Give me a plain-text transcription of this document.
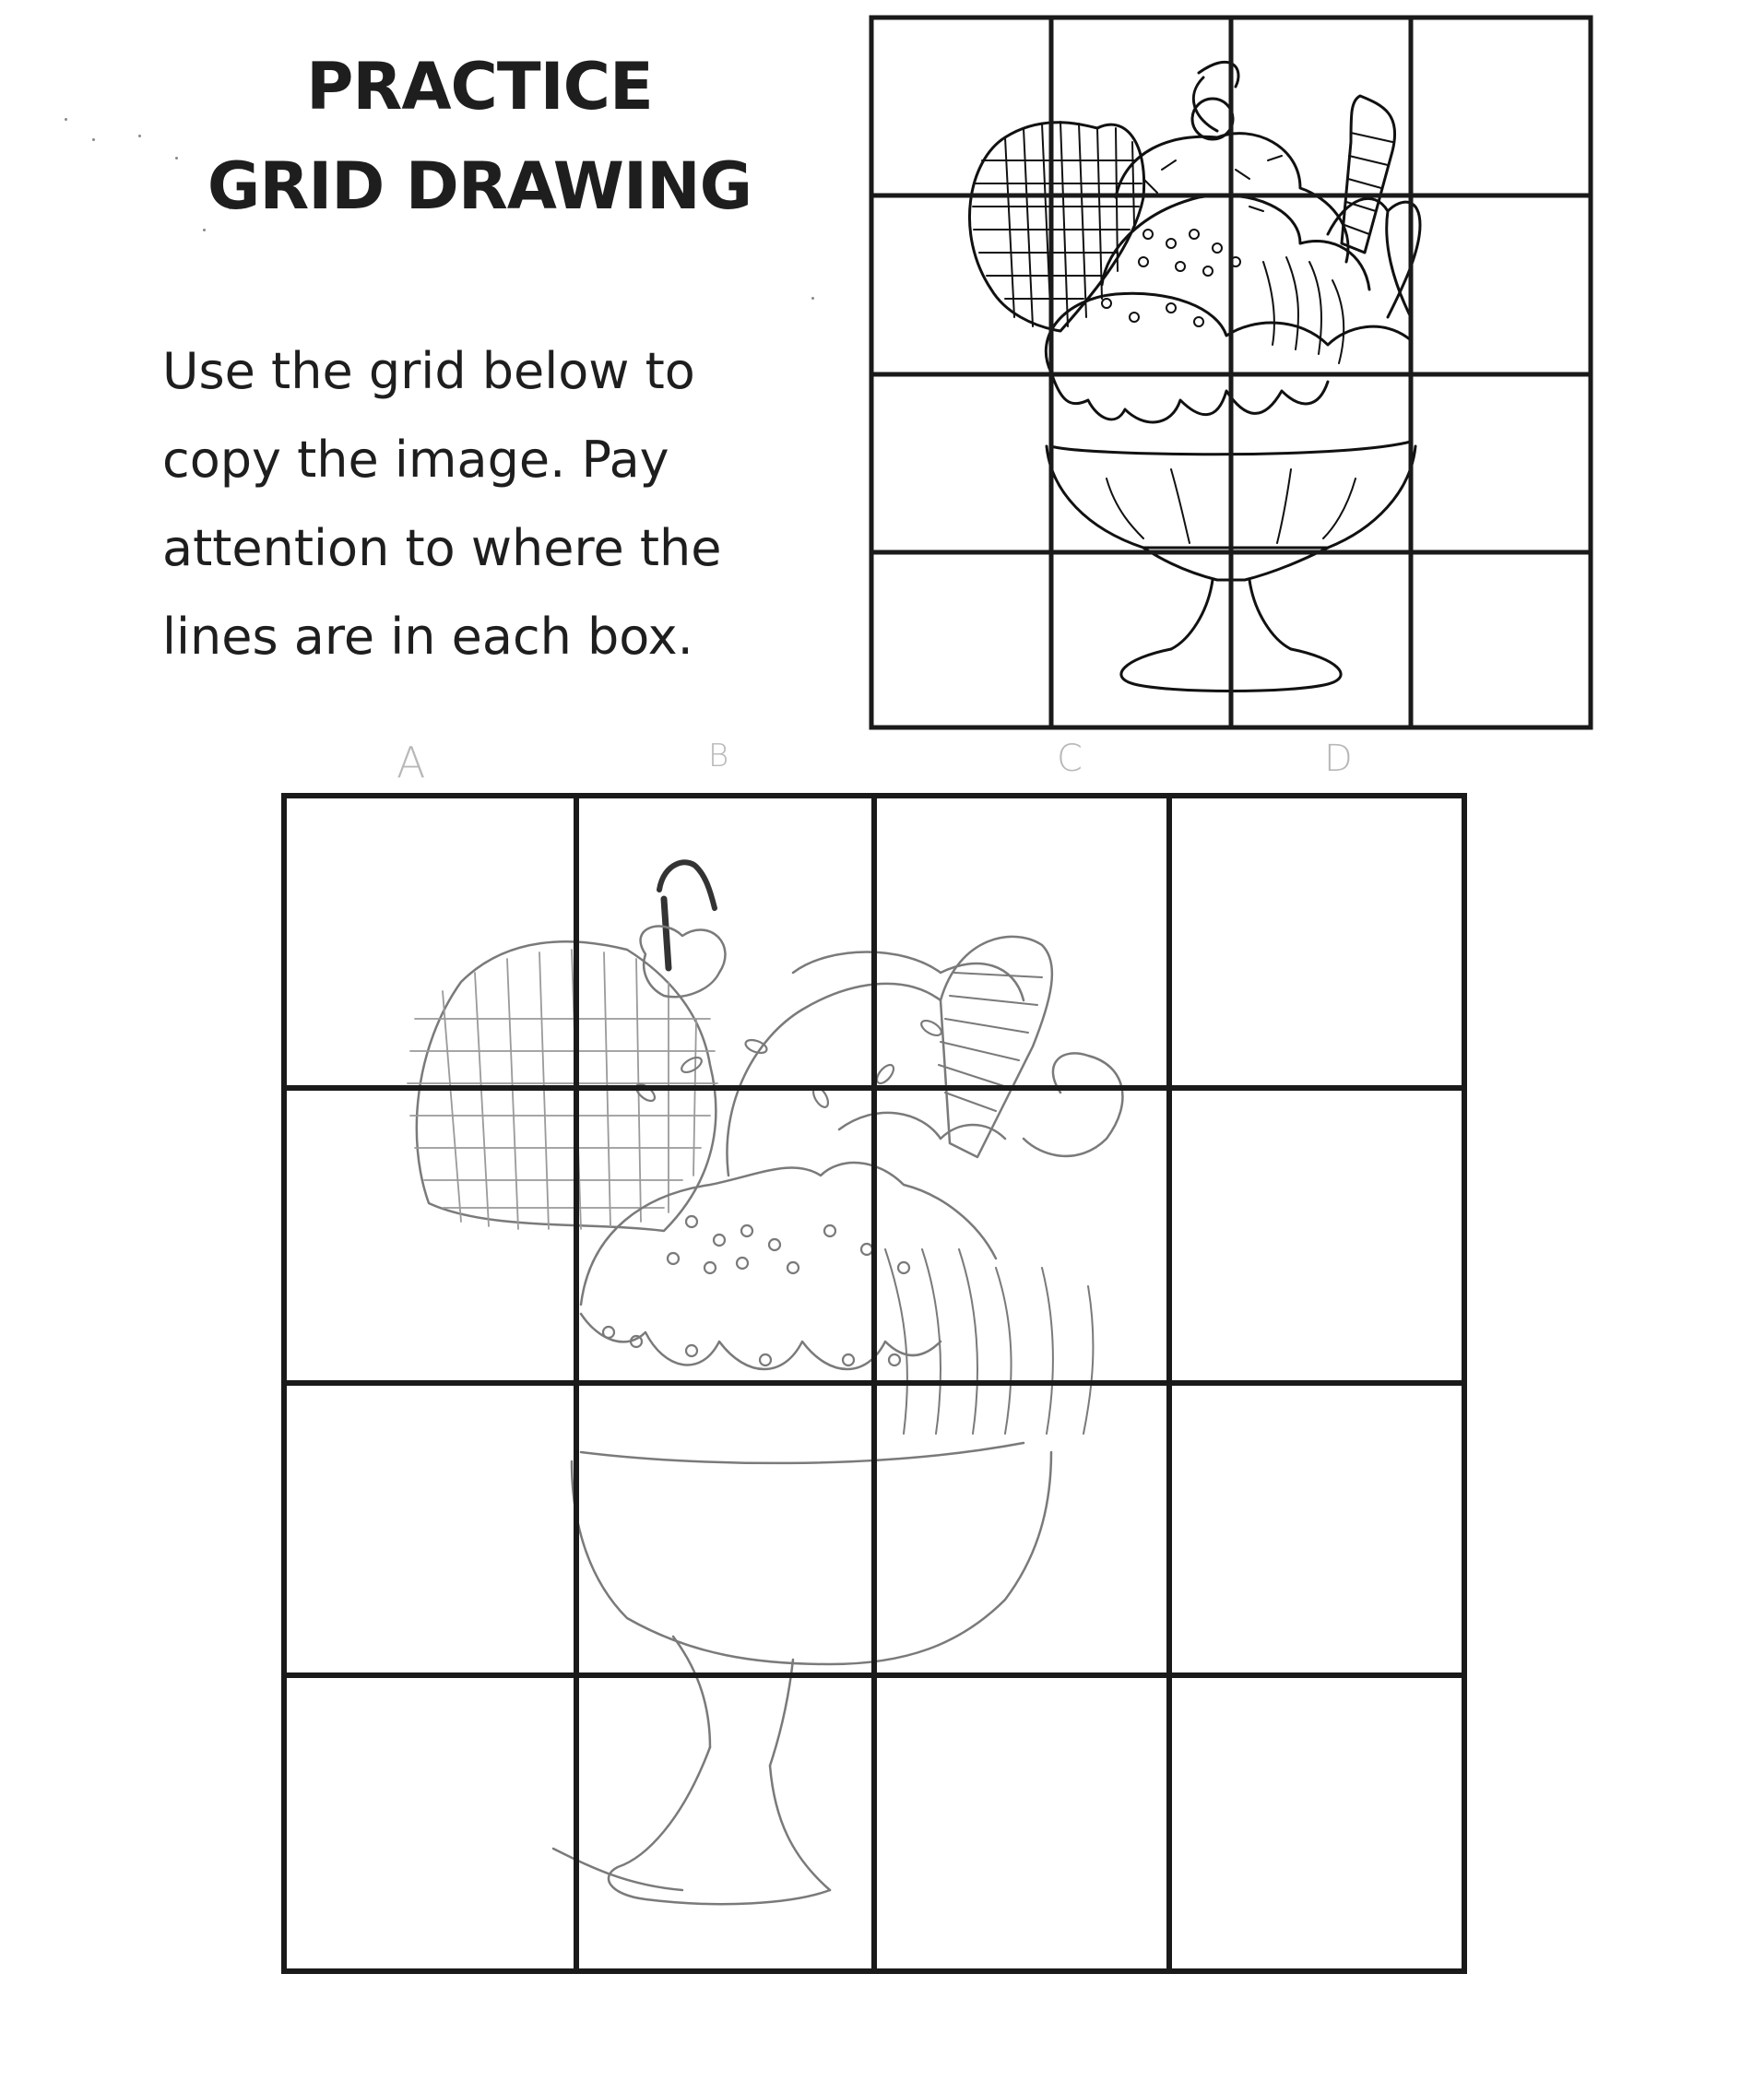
PRACTICE
GRID DRAWING
Use the grid below to
copy the image. Pay
attention to where the
lines are in each box.
A	B	C	D
